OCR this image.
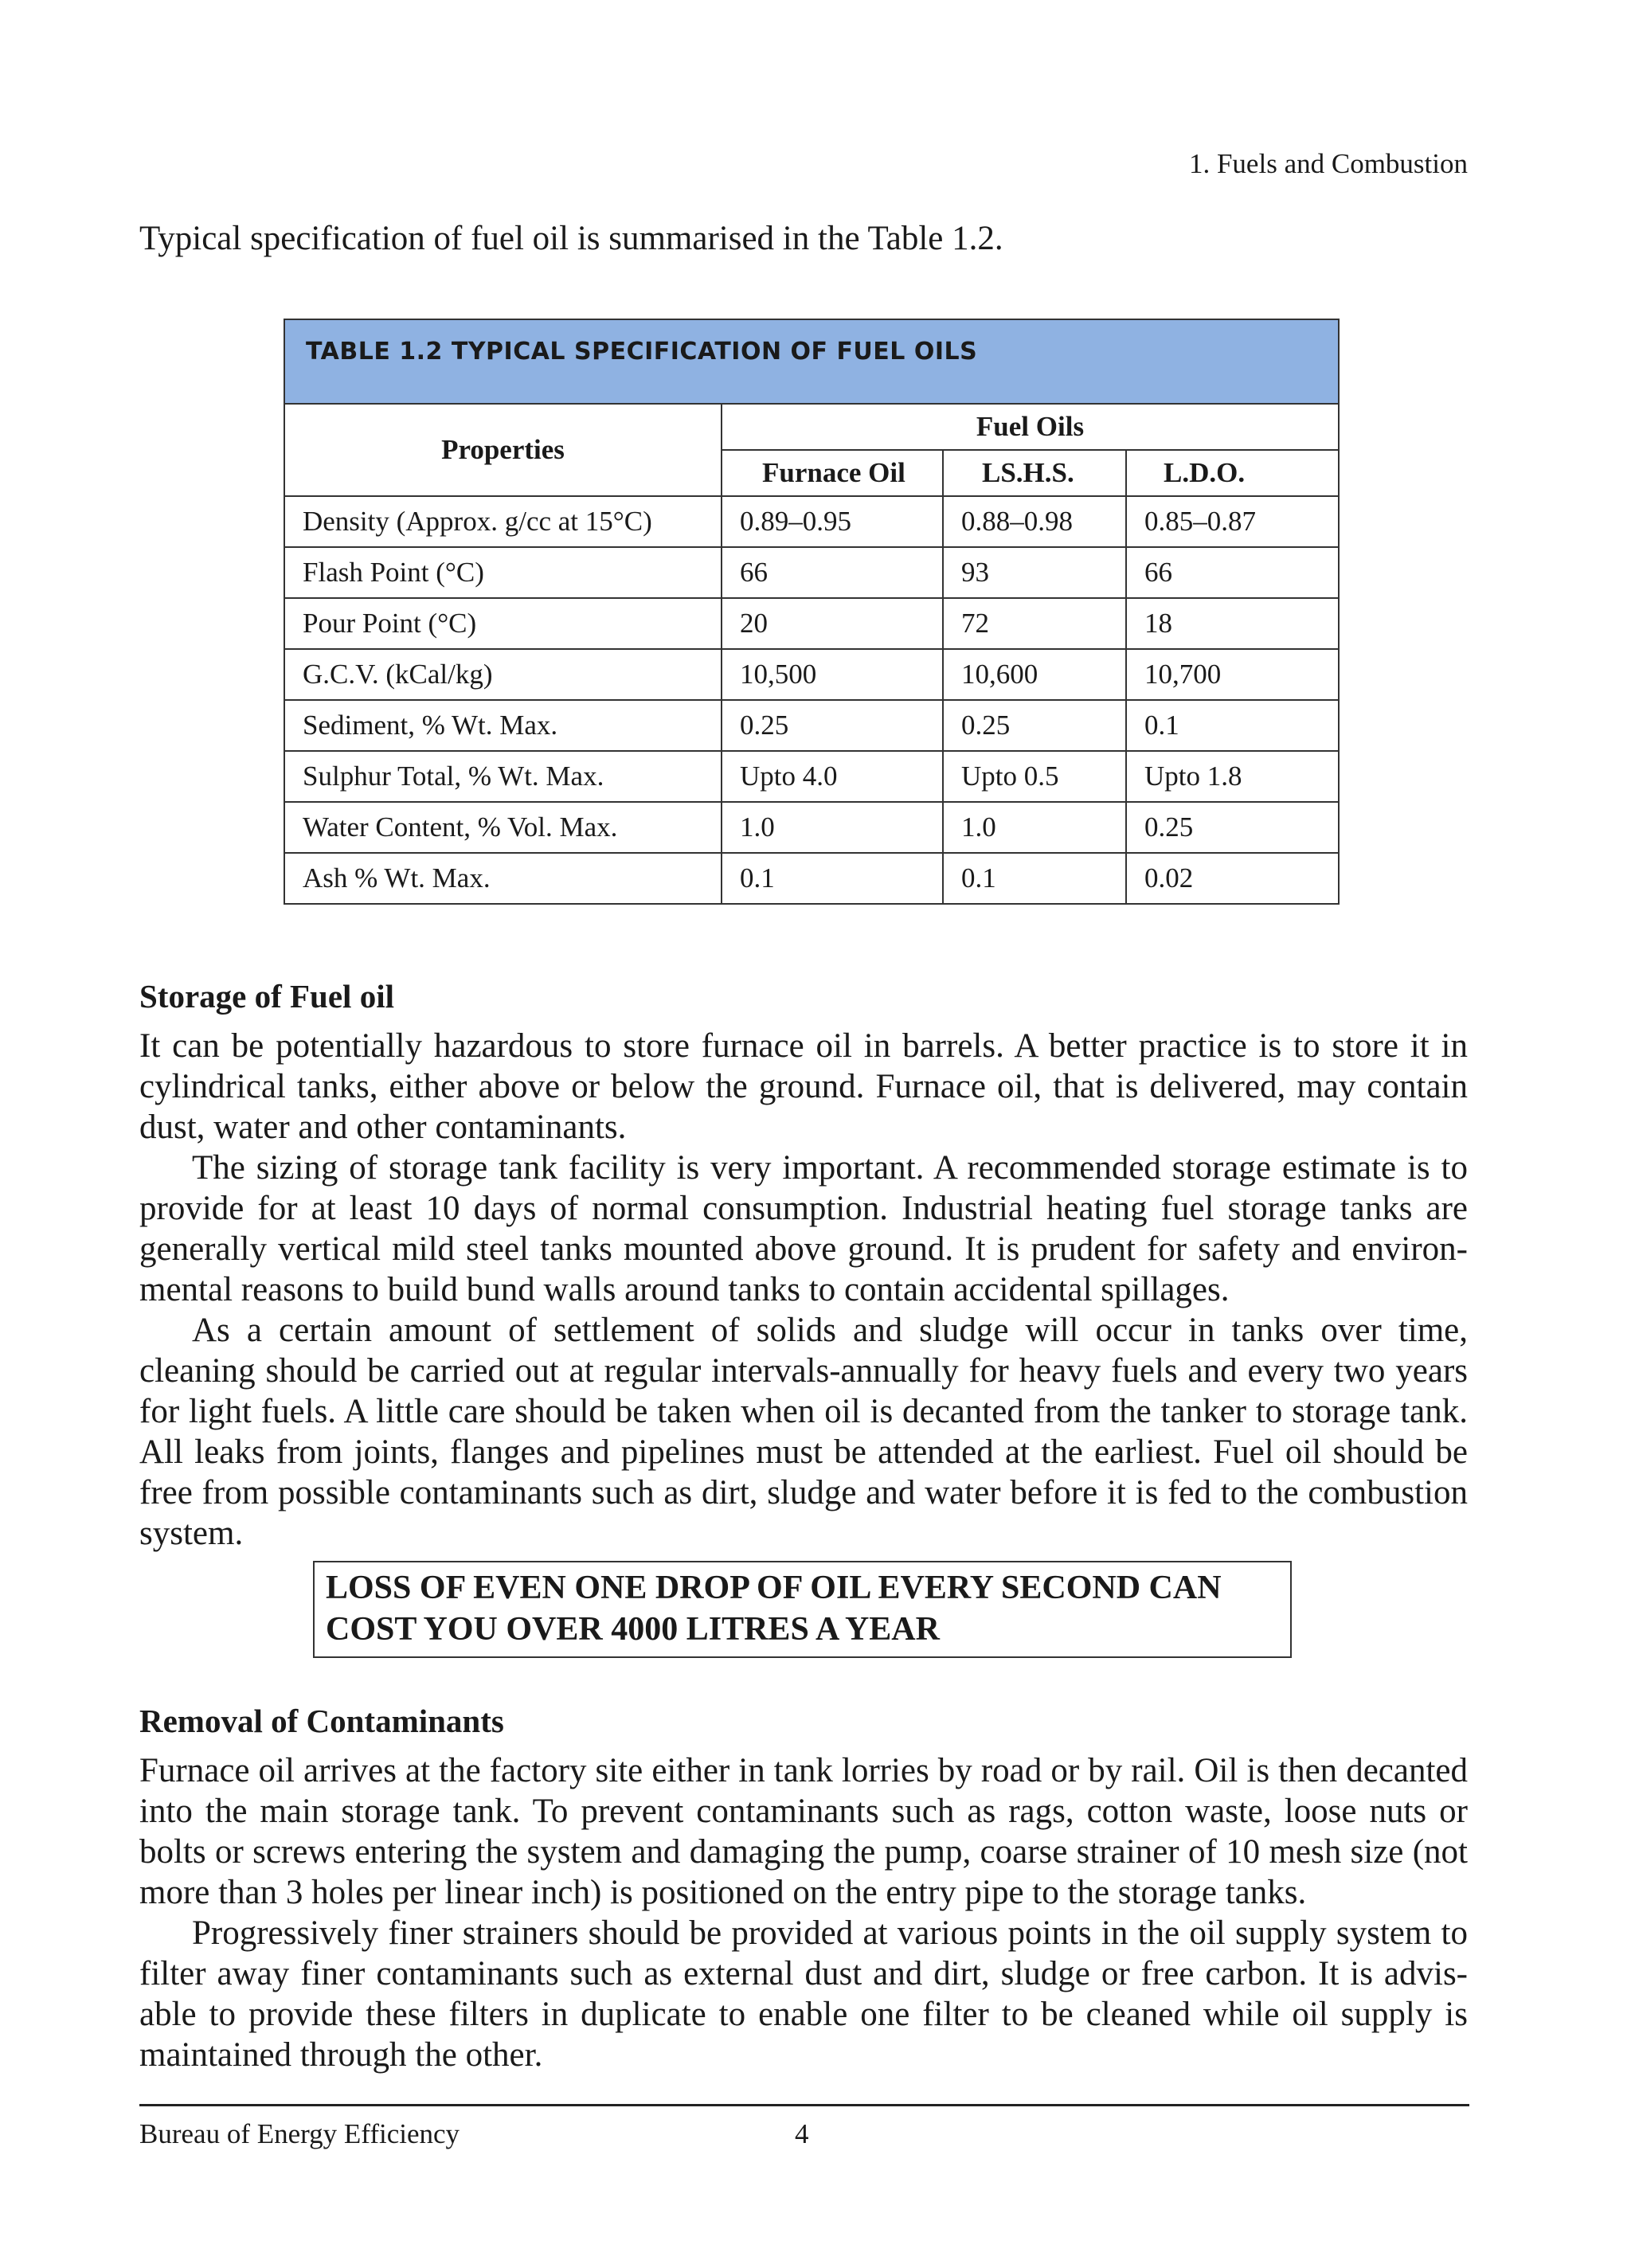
1. Fuels and Combustion

Typical specification of fuel oil is summarised in the Table 1.2.

TABLE 1.2 TYPICAL SPECIFICATION OF FUEL OILS
Properties	Fuel Oils		
	Furnace Oil	LS.H.S.	L.D.O.
Density (Approx. g/cc at 15°C)	0.89–0.95	0.88–0.98	0.85–0.87
Flash Point (°C)	66	93	66
Pour Point (°C)	20	72	18
G.C.V. (kCal/kg)	10,500	10,600	10,700
Sediment, % Wt. Max.	0.25	0.25	0.1
Sulphur Total, % Wt. Max.	Upto 4.0	Upto 0.5	Upto 1.8
Water Content, % Vol. Max.	1.0	1.0	0.25
Ash % Wt. Max.	0.1	0.1	0.02
Storage of Fuel oil

It can be potentially hazardous to store furnace oil in barrels. A better practice is to store it in cylindrical tanks, either above or below the ground. Furnace oil, that is delivered, may contain dust, water and other contaminants.

The sizing of storage tank facility is very important. A recommended storage estimate is to provide for at least 10 days of normal consumption. Industrial heating fuel storage tanks are generally vertical mild steel tanks mounted above ground. It is prudent for safety and environ-mental reasons to build bund walls around tanks to contain accidental spillages.

As a certain amount of settlement of solids and sludge will occur in tanks over time, cleaning should be carried out at regular intervals-annually for heavy fuels and every two years for light fuels. A little care should be taken when oil is decanted from the tanker to storage tank. All leaks from joints, flanges and pipelines must be attended at the earliest. Fuel oil should be free from possible contaminants such as dirt, sludge and water before it is fed to the combustion system.

LOSS OF EVEN ONE DROP OF OIL EVERY SECOND CAN
COST YOU OVER 4000 LITRES A YEAR
Removal of Contaminants

Furnace oil arrives at the factory site either in tank lorries by road or by rail. Oil is then decanted into the main storage tank. To prevent contaminants such as rags, cotton waste, loose nuts or bolts or screws entering the system and damaging the pump, coarse strainer of 10 mesh size (not more than 3 holes per linear inch) is positioned on the entry pipe to the storage tanks.

Progressively finer strainers should be provided at various points in the oil supply system to filter away finer contaminants such as external dust and dirt, sludge or free carbon. It is advis-able to provide these filters in duplicate to enable one filter to be cleaned while oil supply is maintained through the other.

Bureau of Energy Efficiency	4
